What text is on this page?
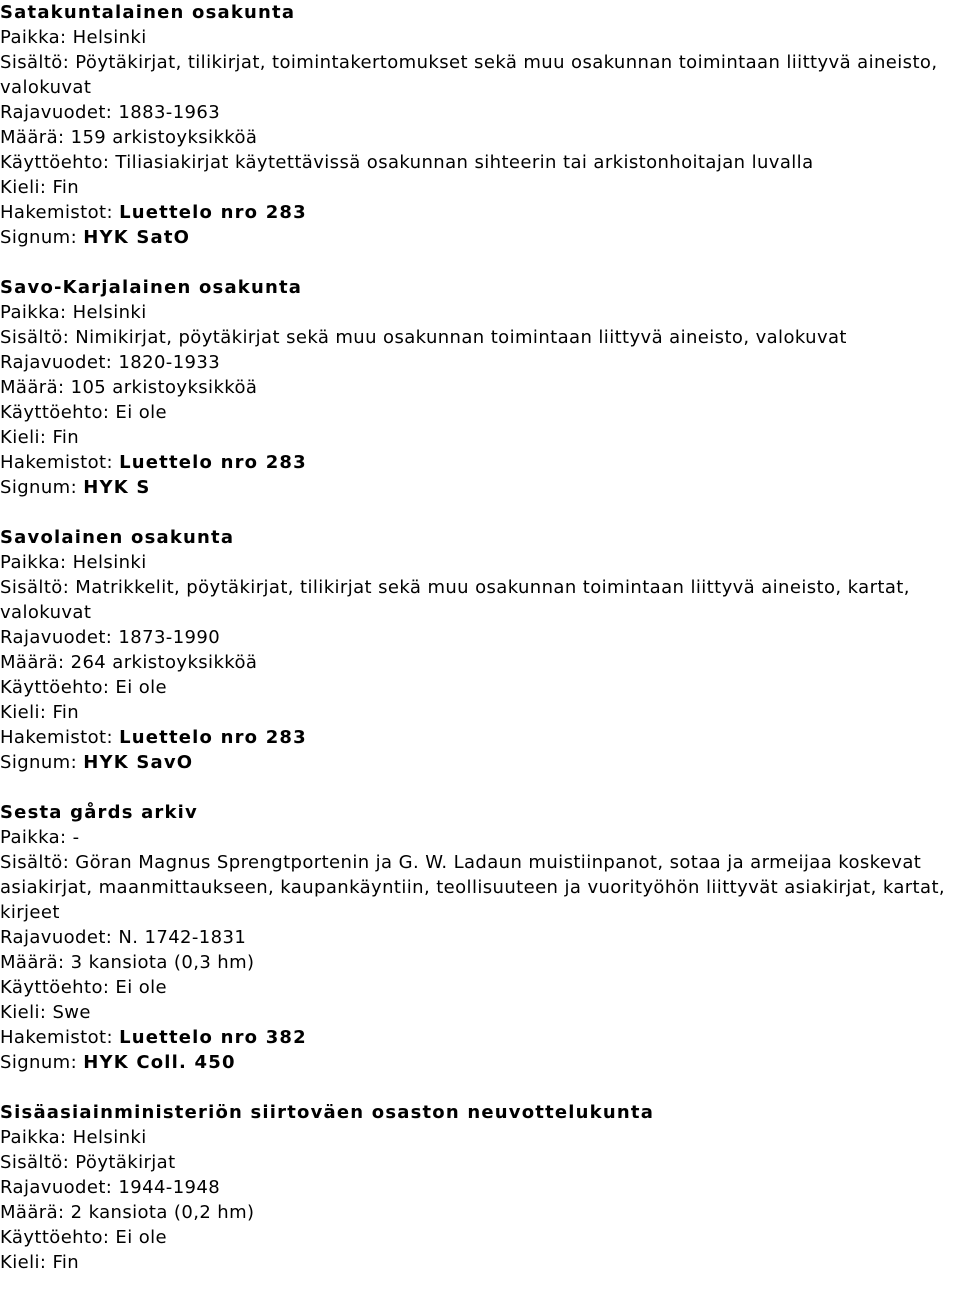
Satakuntalainen osakunta
Paikka: Helsinki
Sisältö: Pöytäkirjat, tilikirjat, toimintakertomukset sekä muu osakunnan toimintaan liittyvä aineisto, valokuvat
Rajavuodet: 1883-1963
Määrä: 159 arkistoyksikköä
Käyttöehto: Tiliasiakirjat käytettävissä osakunnan sihteerin tai arkistonhoitajan luvalla
Kieli: Fin
Hakemistot: Luettelo nro 283
Signum: HYK SatO
Savo-Karjalainen osakunta
Paikka: Helsinki
Sisältö: Nimikirjat, pöytäkirjat sekä muu osakunnan toimintaan liittyvä aineisto, valokuvat
Rajavuodet: 1820-1933
Määrä: 105 arkistoyksikköä
Käyttöehto: Ei ole
Kieli: Fin
Hakemistot: Luettelo nro 283
Signum: HYK S
Savolainen osakunta
Paikka: Helsinki
Sisältö: Matrikkelit, pöytäkirjat, tilikirjat sekä muu osakunnan toimintaan liittyvä aineisto, kartat, valokuvat
Rajavuodet: 1873-1990
Määrä: 264 arkistoyksikköä
Käyttöehto: Ei ole
Kieli: Fin
Hakemistot: Luettelo nro 283
Signum: HYK SavO
Sesta gårds arkiv
Paikka: -
Sisältö: Göran Magnus Sprengtportenin ja G. W. Ladaun muistiinpanot, sotaa ja armeijaa koskevat asiakirjat, maanmittaukseen, kaupankäyntiin, teollisuuteen ja vuorityöhön liittyvät asiakirjat, kartat, kirjeet
Rajavuodet: N. 1742-1831
Määrä: 3 kansiota (0,3 hm)
Käyttöehto: Ei ole
Kieli: Swe
Hakemistot: Luettelo nro 382
Signum: HYK Coll. 450
Sisäasiainministeriön siirtoväen osaston neuvottelukunta
Paikka: Helsinki
Sisältö: Pöytäkirjat
Rajavuodet: 1944-1948
Määrä: 2 kansiota (0,2 hm)
Käyttöehto: Ei ole
Kieli: Fin
